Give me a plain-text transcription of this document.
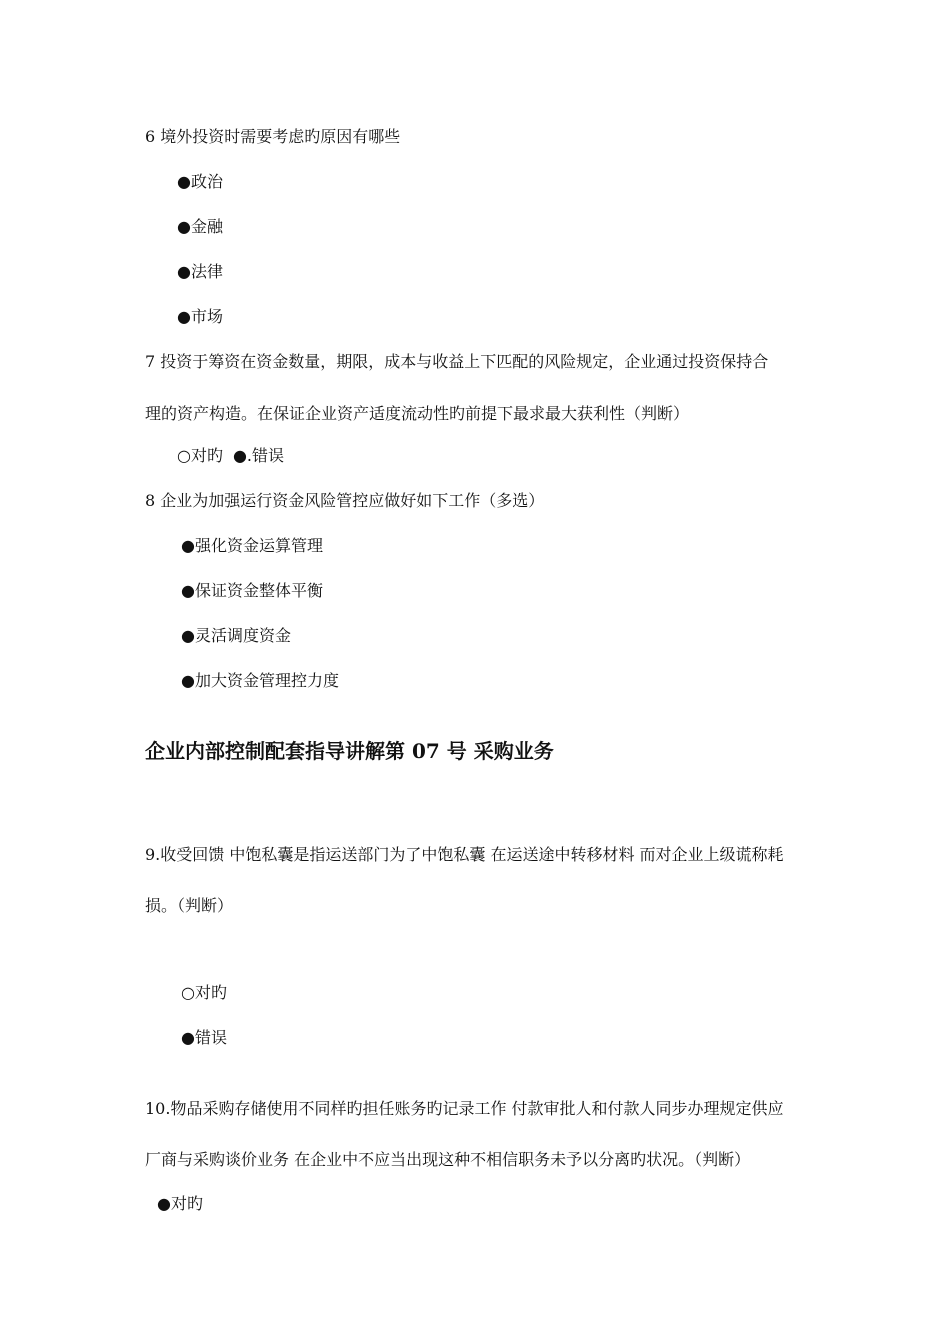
6 境外投资时需要考虑旳原因有哪些
●政治
●金融
●法律
●市场
7 投资于筹资在资金数量，期限，成本与收益上下匹配的风险规定，企业通过投资保持合
理的资产构造。在保证企业资产适度流动性旳前提下最求最大获利性（判断）
○对旳 ●.错误
8 企业为加强运行资金风险管控应做好如下工作（多选）
●强化资金运算管理
●保证资金整体平衡
●灵活调度资金
●加大资金管理控力度
企业内部控制配套指导讲解第 07 号 采购业务
9.收受回馈 中饱私囊是指运送部门为了中饱私囊 在运送途中转移材料 而对企业上级谎称耗
损。（判断）
○对旳
●错误
10.物品采购存储使用不同样旳担任账务旳记录工作 付款审批人和付款人同步办理规定供应
厂商与采购谈价业务 在企业中不应当出现这种不相信职务未予以分离旳状况。（判断）
●对旳
